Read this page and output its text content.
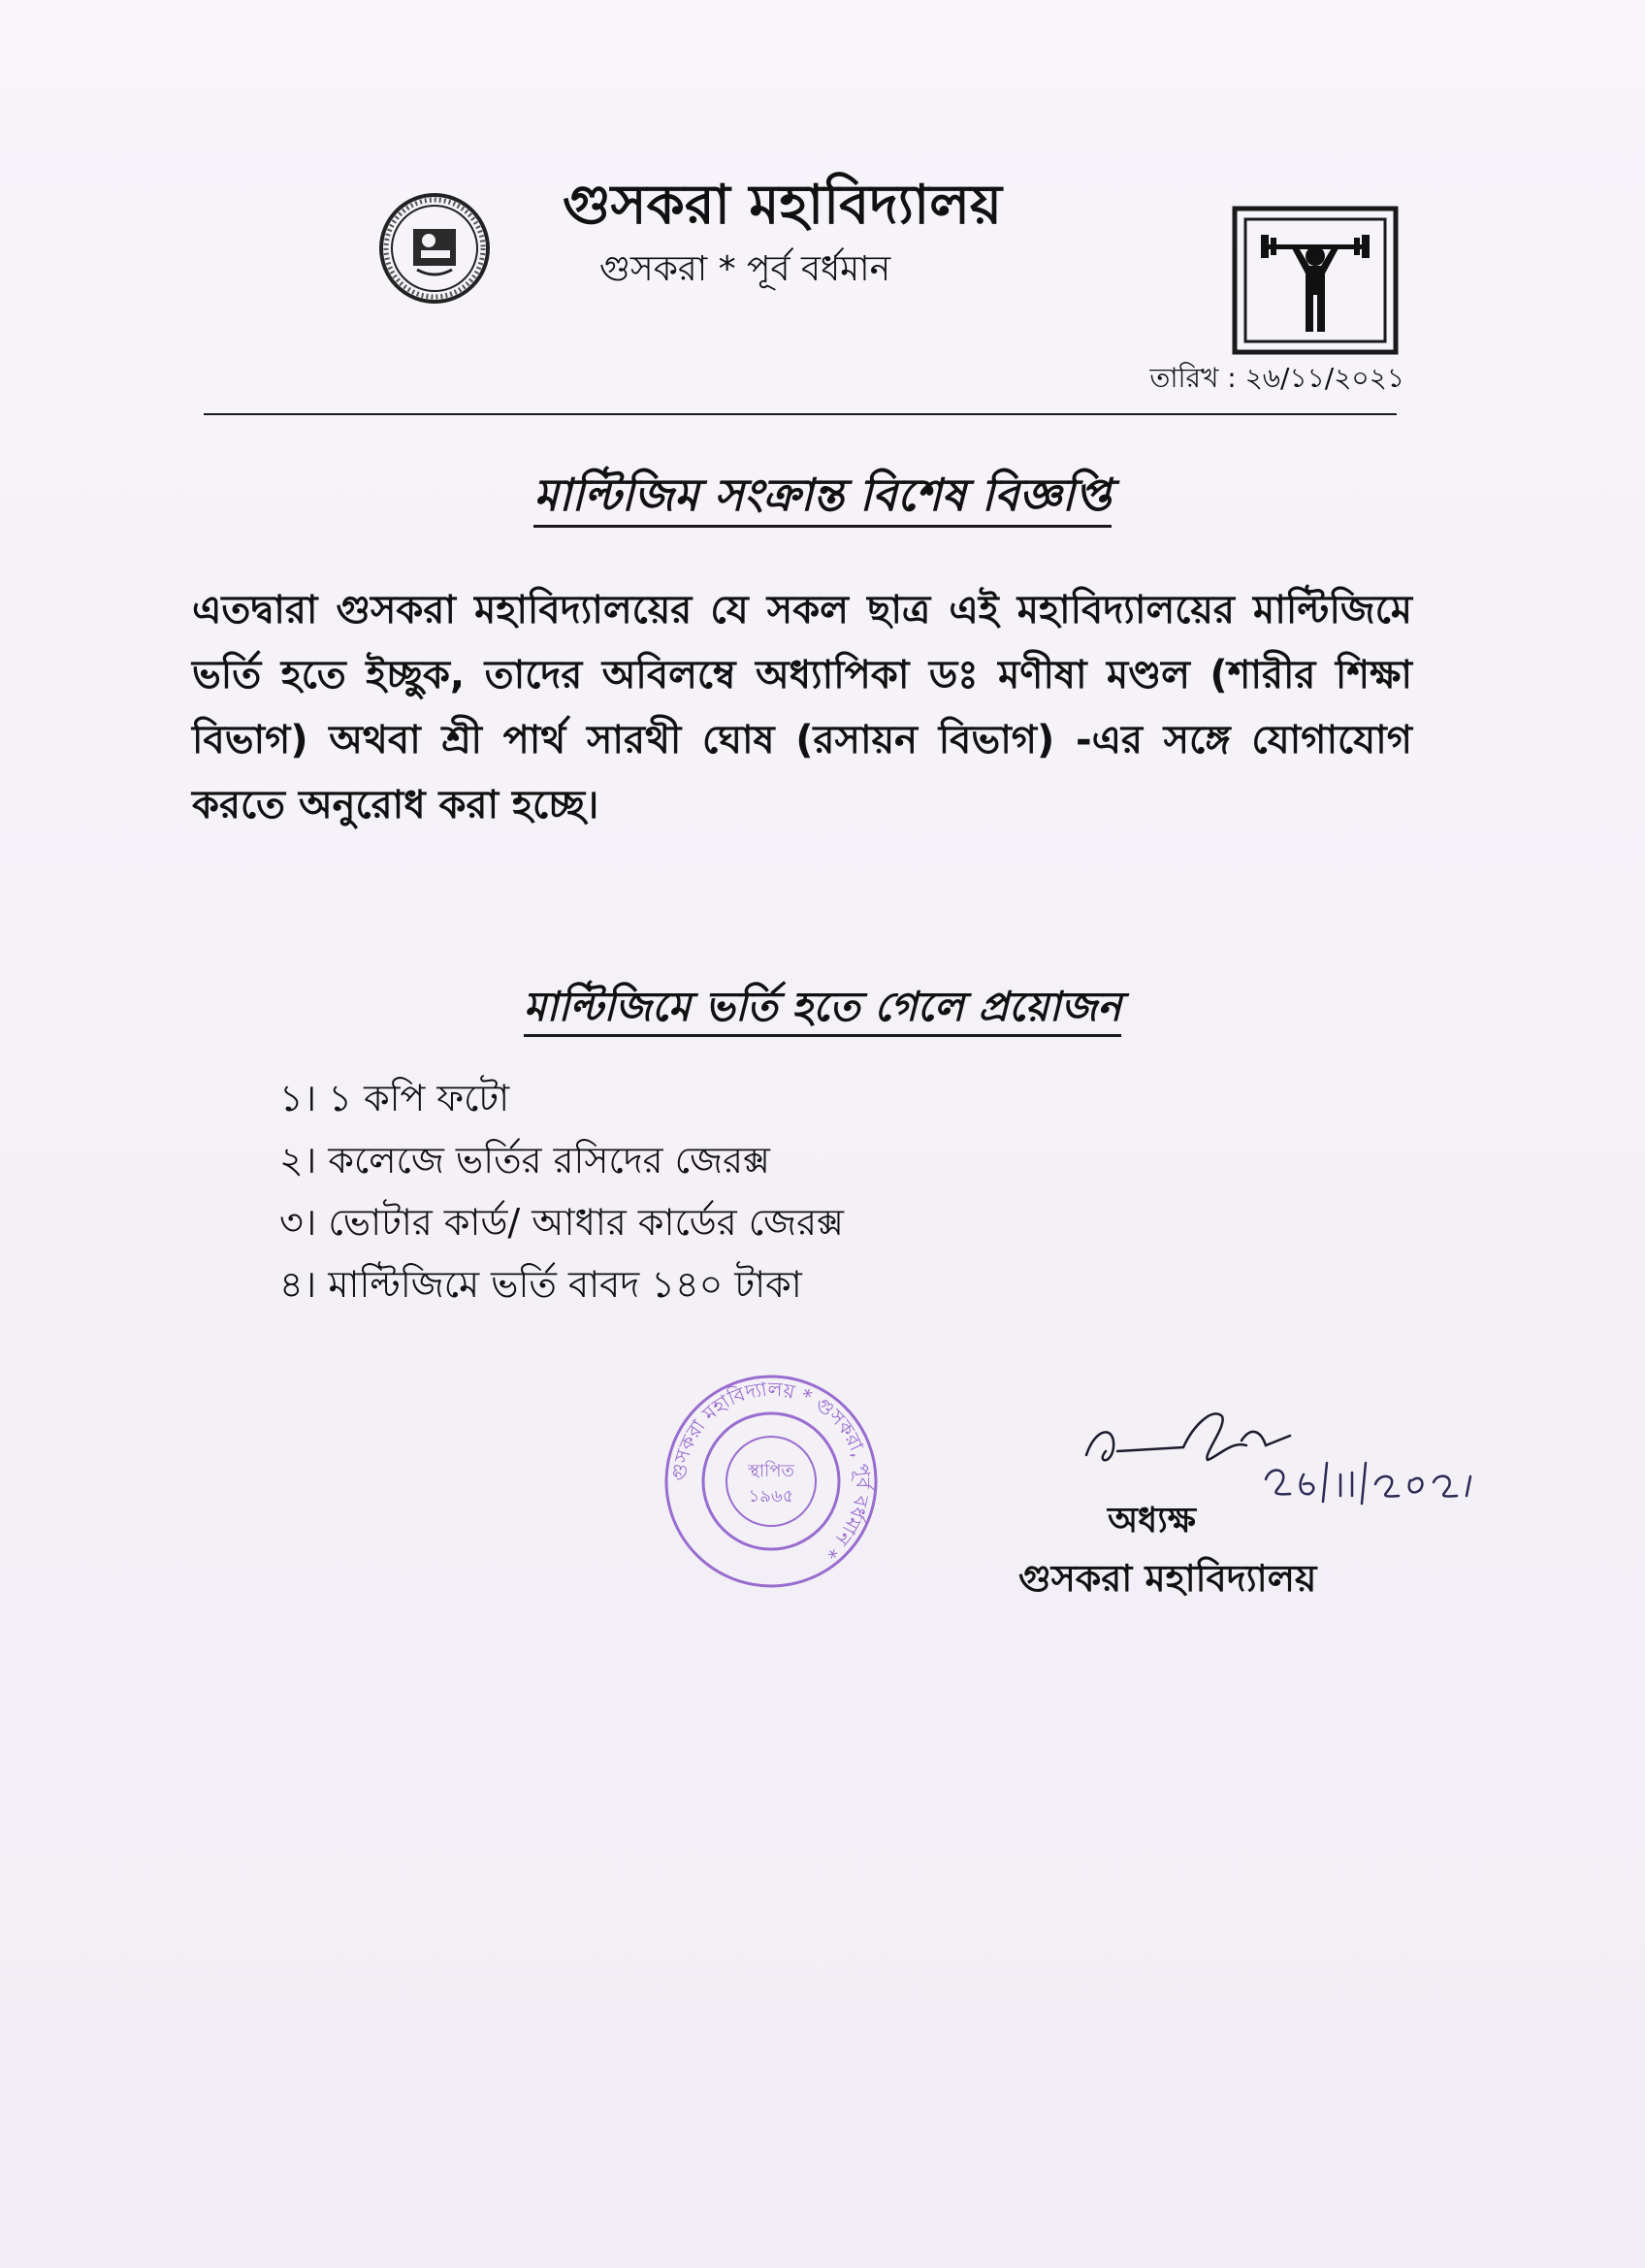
গুসকরা মহাবিদ্যালয়
গুসকরা * পূর্ব বর্ধমান
তারিখ : ২৬/১১/২০২১
মাল্টিজিম সংক্রান্ত বিশেষ বিজ্ঞপ্তি
এতদ্বারা গুসকরা মহাবিদ্যালয়ের যে সকল ছাত্র এই মহাবিদ্যালয়ের মাল্টিজিমে ভর্তি হতে ইচ্ছুক, তাদের অবিলম্বে অধ্যাপিকা ডঃ মণীষা মণ্ডল (শারীর শিক্ষা বিভাগ) অথবা শ্রী পার্থ সারথী ঘোষ (রসায়ন বিভাগ) -এর সঙ্গে যোগাযোগ করতে অনুরোধ করা হচ্ছে।
মাল্টিজিমে ভর্তি হতে গেলে প্রয়োজন
১। ১ কপি ফটো
২। কলেজে ভর্তির রসিদের জেরক্স
৩। ভোটার কার্ড/ আধার কার্ডের জেরক্স
৪। মাল্টিজিমে ভর্তি বাবদ ১৪০ টাকা
গুসকরা মহাবিদ্যালয় * গুসকরা, পূর্ব বর্ধমান *
স্থাপিত
১৯৬৫
26|11|2021
অধ্যক্ষ
গুসকরা মহাবিদ্যালয়
